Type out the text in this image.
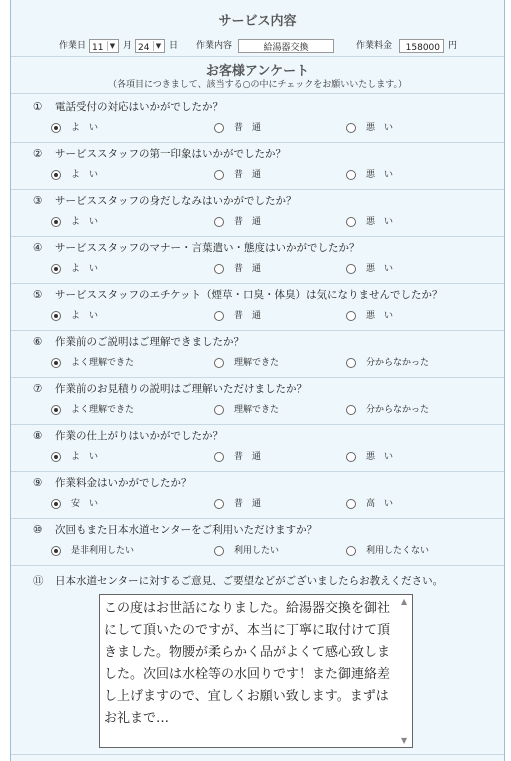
サービス内容
作業日 11 ▼ 月 24 ▼ 日 作業内容	給湯器交換	作業料金	158000 円
お客様アンケート
（各項目につきまして、該当する○の中にチェックをお願いいたします。）
① 電話受付の対応はいかがでしたか？
よ　い	普　通	悪　い
② サービススタッフの第一印象はいかがでしたか？
よ　い	普　通	悪　い
③ サービススタッフの身だしなみはいかがでしたか？
よ　い	普　通	悪　い
④ サービススタッフのマナー・言葉遣い・態度はいかがでしたか？
よ　い	普　通	悪　い
⑤ サービススタッフのエチケット（煙草・口臭・体臭）は気になりませんでしたか？
よ　い	普　通	悪　い
⑥ 作業前のご説明はご理解できましたか？
よく理解できた	理解できた	分からなかった
⑦ 作業前のお見積りの説明はご理解いただけましたか？
よく理解できた	理解できた	分からなかった
⑧ 作業の仕上がりはいかがでしたか？
よ　い	普　通	悪　い
⑨ 作業料金はいかがでしたか？
安　い	普　通	高　い
⑩ 次回もまた日本水道センターをご利用いただけますか？
是非利用したい	利用したい	利用したくない
⑪ 日本水道センターに対するご意見、ご要望などがございましたらお教えください。
この度はお世話になりました。給湯器交換を御社にして頂いたのですが、本当に丁寧に取付けて頂きました。物腰が柔らかく品がよくて感心致しました。次回は水栓等の水回りです！また御連絡差し上げますので、宜しくお願い致します。まずはお礼まで…
▲
▼
